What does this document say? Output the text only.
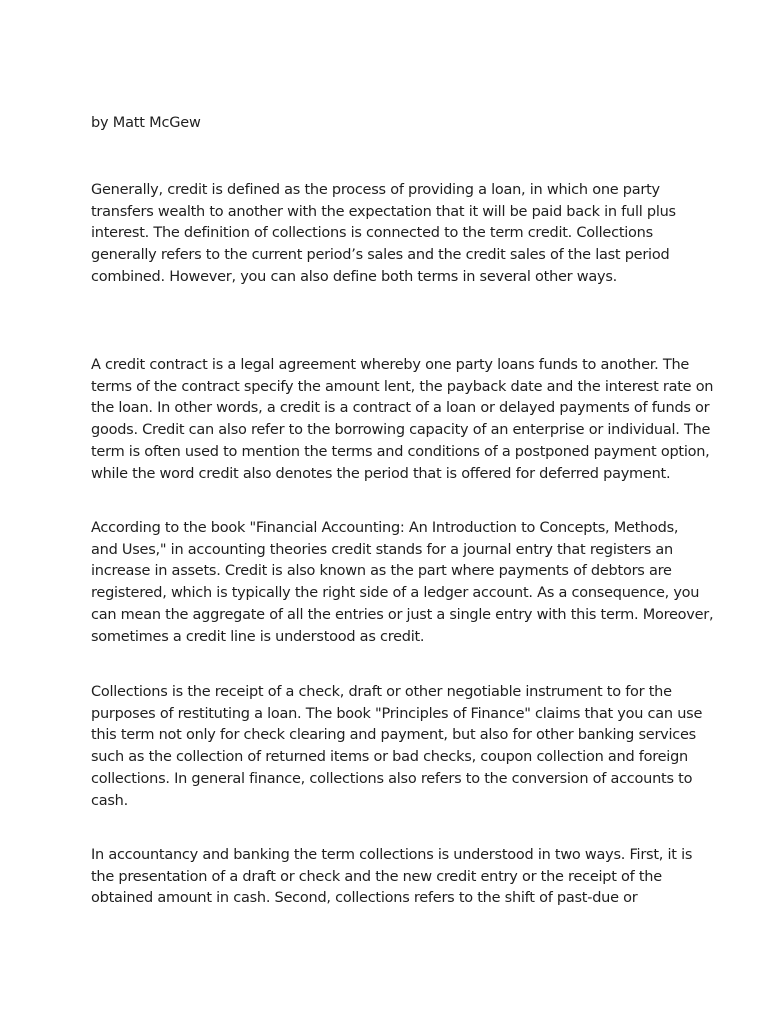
by Matt McGew

Generally, credit is defined as the process of providing a loan, in which one party
transfers wealth to another with the expectation that it will be paid back in full plus
interest. The definition of collections is connected to the term credit. Collections
generally refers to the current period’s sales and the credit sales of the last period
combined. However, you can also define both terms in several other ways.

A credit contract is a legal agreement whereby one party loans funds to another. The
terms of the contract specify the amount lent, the payback date and the interest rate on
the loan. In other words, a credit is a contract of a loan or delayed payments of funds or
goods. Credit can also refer to the borrowing capacity of an enterprise or individual. The
term is often used to mention the terms and conditions of a postponed payment option,
while the word credit also denotes the period that is offered for deferred payment.

According to the book "Financial Accounting: An Introduction to Concepts, Methods,
and Uses," in accounting theories credit stands for a journal entry that registers an
increase in assets. Credit is also known as the part where payments of debtors are
registered, which is typically the right side of a ledger account. As a consequence, you
can mean the aggregate of all the entries or just a single entry with this term. Moreover,
sometimes a credit line is understood as credit.

Collections is the receipt of a check, draft or other negotiable instrument to for the
purposes of restituting a loan. The book "Principles of Finance" claims that you can use
this term not only for check clearing and payment, but also for other banking services
such as the collection of returned items or bad checks, coupon collection and foreign
collections. In general finance, collections also refers to the conversion of accounts to
cash.

In accountancy and banking the term collections is understood in two ways. First, it is
the presentation of a draft or check and the new credit entry or the receipt of the
obtained amount in cash. Second, collections refers to the shift of past-due or
